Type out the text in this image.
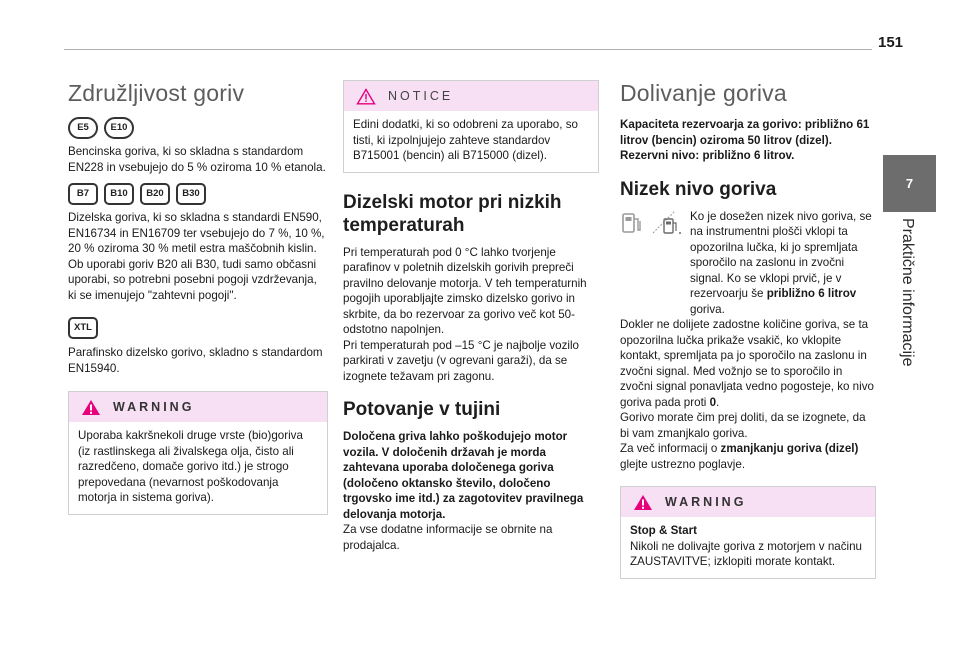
151
7
Praktične informacije
Združljivost goriv
E5	E10

Bencinska goriva, ki so skladna s standardom EN228 in vsebujejo do 5 % oziroma 10 % etanola.

B7	B10	B20	B30

Dizelska goriva, ki so skladna s standardi EN590, EN16734 in EN16709 ter vsebujejo do 7 %, 10 %, 20 % oziroma 30 % metil estra maščobnih kislin. Ob uporabi goriv B20 ali B30, tudi samo občasni uporabi, so potrebni posebni pogoji vzdrževanja, ki se imenujejo "zahtevni pogoji".

XTL

Parafinsko dizelsko gorivo, skladno s standardom EN15940.

WARNING

Uporaba kakršnekoli druge vrste (bio)goriva (iz rastlinskega ali živalskega olja, čisto ali razredčeno, domače gorivo itd.) je strogo prepovedana (nevarnost poškodovanja motorja in sistema goriva).

NOTICE

Edini dodatki, ki so odobreni za uporabo, so tisti, ki izpolnjujejo zahteve standardov B715001 (bencin) ali B715000 (dizel).

Dizelski motor pri nizkih temperaturah

Pri temperaturah pod 0 °C lahko tvorjenje parafinov v poletnih dizelskih gorivih prepreči pravilno delovanje motorja. V teh temperaturnih pogojih uporabljajte zimsko dizelsko gorivo in skrbite, da bo rezervoar za gorivo več kot 50-odstotno napolnjen.

Pri temperaturah pod –15 °C je najbolje vozilo parkirati v zavetju (v ogrevani garaži), da se izognete težavam pri zagonu.

Potovanje v tujini

Določena griva lahko poškodujejo motor vozila. V določenih državah je morda zahtevana uporaba določenega goriva (določeno oktansko število, določeno trgovsko ime itd.) za zagotovitev pravilnega delovanja motorja.

Za vse dodatne informacije se obrnite na prodajalca.

Dolivanje goriva

Kapaciteta rezervoarja za gorivo: približno 61 litrov (bencin) oziroma 50 litrov (dizel). Rezervni nivo: približno 6 litrov.

Nizek nivo goriva

Ko je dosežen nizek nivo goriva, se na instrumentni plošči vklopi ta opozorilna lučka, ki jo spremljata sporočilo na zaslonu in zvočni signal. Ko se vklopi prvič, je v rezervoarju še približno 6 litrov goriva.

Dokler ne dolijete zadostne količine goriva, se ta opozorilna lučka prikaže vsakič, ko vklopite kontakt, spremljata pa jo sporočilo na zaslonu in zvočni signal. Med vožnjo se to sporočilo in zvočni signal ponavljata vedno pogosteje, ko nivo goriva pada proti 0.

Gorivo morate čim prej doliti, da se izognete, da bi vam zmanjkalo goriva.

Za več informacij o zmanjkanju goriva (dizel) glejte ustrezno poglavje.

WARNING

Stop & Start

Nikoli ne dolivajte goriva z motorjem v načinu ZAUSTAVITVE; izklopiti morate kontakt.
